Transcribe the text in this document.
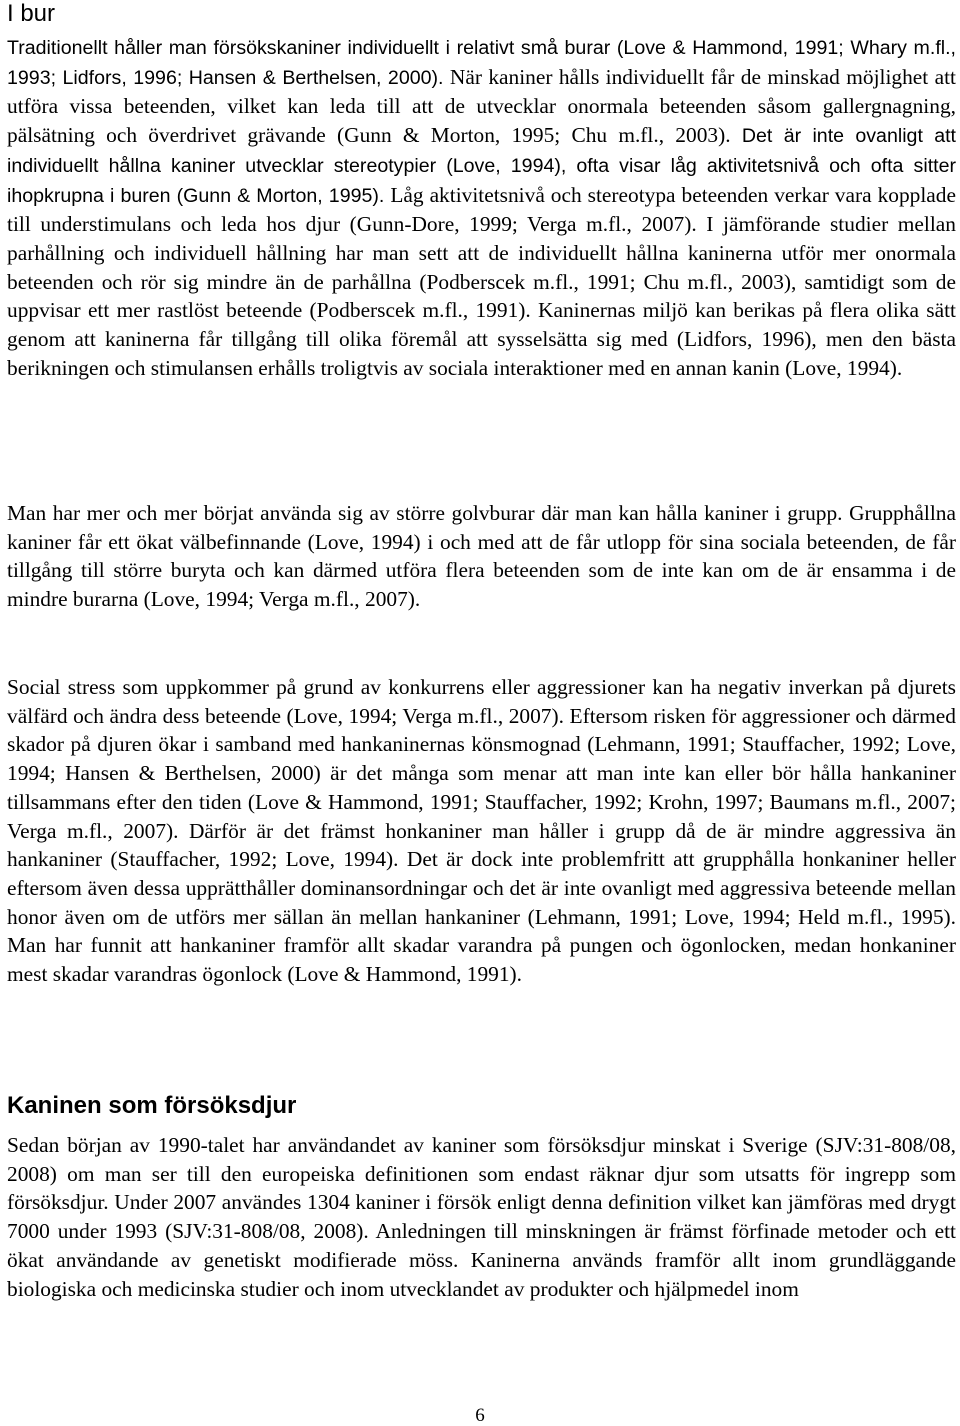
I bur

Traditionellt håller man försökskaniner individuellt i relativt små burar (Love & Hammond, 1991; Whary m.fl., 1993; Lidfors, 1996; Hansen & Berthelsen, 2000). När kaniner hålls individuellt får de minskad möjlighet att utföra vissa beteenden, vilket kan leda till att de utvecklar onormala beteenden såsom gallergnagning, pälsätning och överdrivet grävande (Gunn & Morton, 1995; Chu m.fl., 2003). Det är inte ovanligt att individuellt hållna kaniner utvecklar stereotypier (Love, 1994), ofta visar låg aktivitetsnivå och ofta sitter ihopkrupna i buren (Gunn & Morton, 1995). Låg aktivitetsnivå och stereotypa beteenden verkar vara kopplade till understimulans och leda hos djur (Gunn-Dore, 1999; Verga m.fl., 2007). I jämförande studier mellan parhållning och individuell hållning har man sett att de individuellt hållna kaninerna utför mer onormala beteenden och rör sig mindre än de parhållna (Podberscek m.fl., 1991; Chu m.fl., 2003), samtidigt som de uppvisar ett mer rastlöst beteende (Podberscek m.fl., 1991). Kaninernas miljö kan berikas på flera olika sätt genom att kaninerna får tillgång till olika föremål att sysselsätta sig med (Lidfors, 1996), men den bästa berikningen och stimulansen erhålls troligtvis av sociala interaktioner med en annan kanin (Love, 1994).

Man har mer och mer börjat använda sig av större golvburar där man kan hålla kaniner i grupp. Grupphållna kaniner får ett ökat välbefinnande (Love, 1994) i och med att de får utlopp för sina sociala beteenden, de får tillgång till större buryta och kan därmed utföra flera beteenden som de inte kan om de är ensamma i de mindre burarna (Love, 1994; Verga m.fl., 2007).

Social stress som uppkommer på grund av konkurrens eller aggressioner kan ha negativ inverkan på djurets välfärd och ändra dess beteende (Love, 1994; Verga m.fl., 2007). Eftersom risken för aggressioner och därmed skador på djuren ökar i samband med hankaninernas könsmognad (Lehmann, 1991; Stauffacher, 1992; Love, 1994; Hansen & Berthelsen, 2000) är det många som menar att man inte kan eller bör hålla hankaniner tillsammans efter den tiden (Love & Hammond, 1991; Stauffacher, 1992; Krohn, 1997; Baumans m.fl., 2007; Verga m.fl., 2007). Därför är det främst honkaniner man håller i grupp då de är mindre aggressiva än hankaniner (Stauffacher, 1992; Love, 1994). Det är dock inte problemfritt att grupphålla honkaniner heller eftersom även dessa upprätthåller dominansordningar och det är inte ovanligt med aggressiva beteende mellan honor även om de utförs mer sällan än mellan hankaniner (Lehmann, 1991; Love, 1994; Held m.fl., 1995). Man har funnit att hankaniner framför allt skadar varandra på pungen och ögonlocken, medan honkaniner mest skadar varandras ögonlock (Love & Hammond, 1991).

Kaninen som försöksdjur

Sedan början av 1990-talet har användandet av kaniner som försöksdjur minskat i Sverige (SJV:31-808/08, 2008) om man ser till den europeiska definitionen som endast räknar djur som utsatts för ingrepp som försöksdjur. Under 2007 användes 1304 kaniner i försök enligt denna definition vilket kan jämföras med drygt 7000 under 1993 (SJV:31-808/08, 2008). Anledningen till minskningen är främst förfinade metoder och ett ökat användande av genetiskt modifierade möss. Kaninerna används framför allt inom grundläggande biologiska och medicinska studier och inom utvecklandet av produkter och hjälpmedel inom

6
